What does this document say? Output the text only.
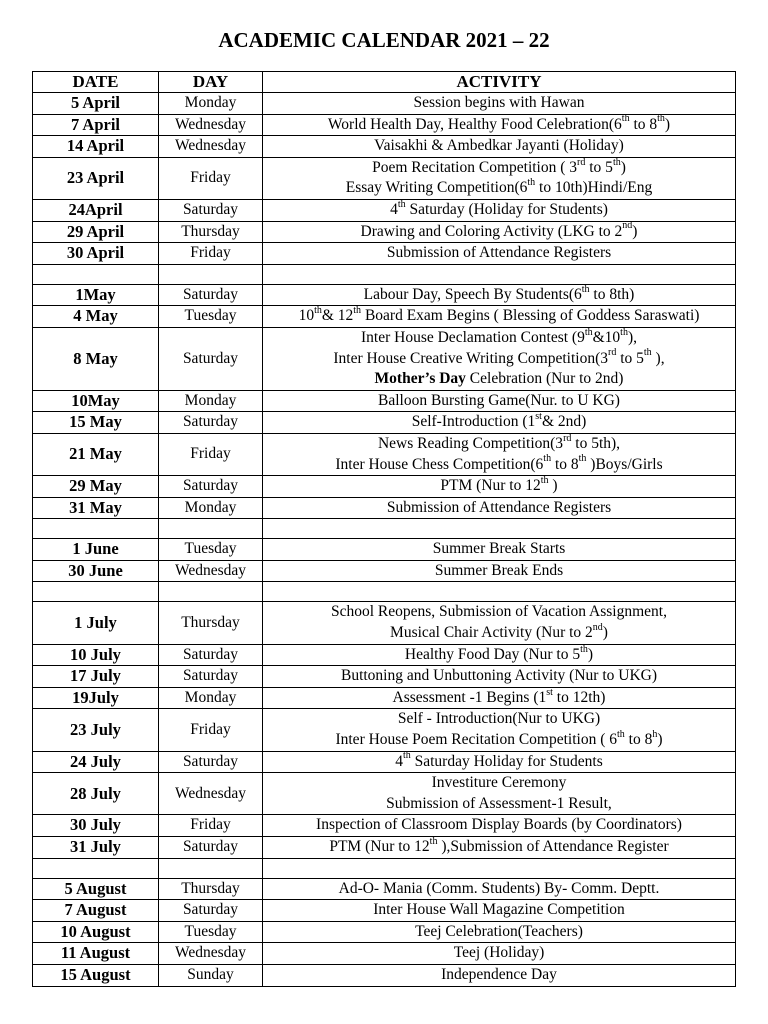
ACADEMIC CALENDAR 2021 – 22
DATE	DAY	ACTIVITY
5 April	Monday	Session begins with Hawan

7 April	Wednesday	World Health Day, Healthy Food Celebration(6th to 8th)

14 April	Wednesday	Vaisakhi & Ambedkar Jayanti (Holiday)

23 April	Friday	Poem Recitation Competition ( 3rd to 5th)
Essay Writing Competition(6th to 10th)Hindi/Eng

24April	Saturday	4th Saturday (Holiday for Students)

29 April	Thursday	Drawing and Coloring Activity (LKG to 2nd)

30 April	Friday	Submission of Attendance Registers

1May	Saturday	Labour Day, Speech By Students(6th to 8th)

4 May	Tuesday	10th& 12th Board Exam Begins ( Blessing of Goddess Saraswati)

8 May	Saturday	Inter House Declamation Contest (9th&10th),
Inter House Creative Writing Competition(3rd to 5th ),
Mother’s Day Celebration (Nur to 2nd)

10May	Monday	Balloon Bursting Game(Nur. to U KG)

15 May	Saturday	Self-Introduction (1st& 2nd)

21 May	Friday	News Reading Competition(3rd to 5th),
Inter House Chess Competition(6th to 8th )Boys/Girls

29 May	Saturday	PTM (Nur to 12th )

31 May	Monday	Submission of Attendance Registers

1 June	Tuesday	Summer Break Starts

30 June	Wednesday	Summer Break Ends

1 July	Thursday	School Reopens, Submission of Vacation Assignment,
Musical Chair Activity (Nur to 2nd)

10 July	Saturday	Healthy Food Day (Nur to 5th)

17 July	Saturday	Buttoning and Unbuttoning Activity (Nur to UKG)

19July	Monday	Assessment -1 Begins (1st to 12th)

23 July	Friday	Self - Introduction(Nur to UKG)
Inter House Poem Recitation Competition ( 6th to 8$^h$)

24 July	Saturday	4th Saturday Holiday for Students

28 July	Wednesday	Investiture Ceremony
Submission of Assessment-1 Result,

30 July	Friday	Inspection of Classroom Display Boards (by Coordinators)

31 July	Saturday	PTM (Nur to 12th ),Submission of Attendance Register

5 August	Thursday	Ad-O- Mania (Comm. Students) By- Comm. Deptt.

7 August	Saturday	Inter House Wall Magazine Competition

10 August	Tuesday	Teej Celebration(Teachers)

11 August	Wednesday	Teej (Holiday)

15 August	Sunday	Independence Day
